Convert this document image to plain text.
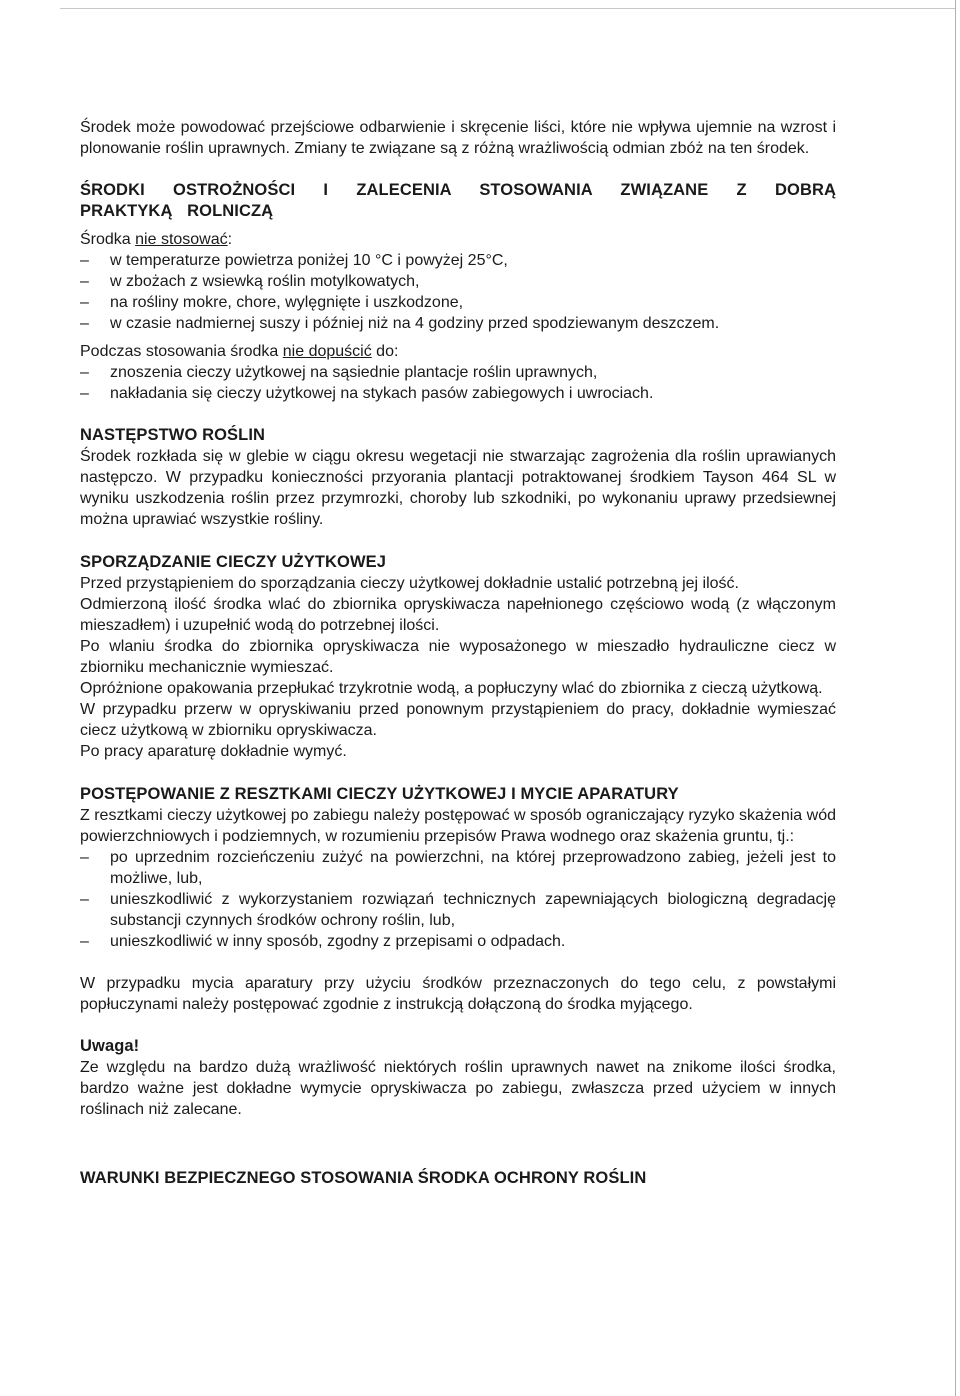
Środek może powodować przejściowe odbarwienie i skręcenie liści, które nie wpływa ujemnie na wzrost i plonowanie roślin uprawnych. Zmiany te związane są z różną wrażliwością odmian zbóż na ten środek.

ŚRODKI OSTROŻNOŚCI I ZALECENIA STOSOWANIA ZWIĄZANE Z DOBRĄ PRAKTYKĄ ROLNICZĄ

Środka nie stosować:

– w temperaturze powietrza poniżej 10 °C i powyżej 25°C,
– w zbożach z wsiewką roślin motylkowatych,
– na rośliny mokre, chore, wylęgnięte i uszkodzone,
– w czasie nadmiernej suszy i później niż na 4 godziny przed spodziewanym deszczem.

Podczas stosowania środka nie dopuścić do:

– znoszenia cieczy użytkowej na sąsiednie plantacje roślin uprawnych,
– nakładania się cieczy użytkowej na stykach pasów zabiegowych i uwrociach.
NASTĘPSTWO ROŚLIN

Środek rozkłada się w glebie w ciągu okresu wegetacji nie stwarzając zagrożenia dla roślin uprawianych następczo. W przypadku konieczności przyorania plantacji potraktowanej środkiem Tayson 464 SL w wyniku uszkodzenia roślin przez przymrozki, choroby lub szkodniki, po wykonaniu uprawy przedsiewnej można uprawiać wszystkie rośliny.

SPORZĄDZANIE CIECZY UŻYTKOWEJ

Przed przystąpieniem do sporządzania cieczy użytkowej dokładnie ustalić potrzebną jej ilość.

Odmierzoną ilość środka wlać do zbiornika opryskiwacza napełnionego częściowo wodą (z włączonym mieszadłem) i uzupełnić wodą do potrzebnej ilości.

Po wlaniu środka do zbiornika opryskiwacza nie wyposażonego w mieszadło hydrauliczne ciecz w zbiorniku mechanicznie wymieszać.

Opróżnione opakowania przepłukać trzykrotnie wodą, a popłuczyny wlać do zbiornika z cieczą użytkową.

W przypadku przerw w opryskiwaniu przed ponownym przystąpieniem do pracy, dokładnie wymieszać ciecz użytkową w zbiorniku opryskiwacza.

Po pracy aparaturę dokładnie wymyć.

POSTĘPOWANIE Z RESZTKAMI CIECZY UŻYTKOWEJ I MYCIE APARATURY

Z resztkami cieczy użytkowej po zabiegu należy postępować w sposób ograniczający ryzyko skażenia wód powierzchniowych i podziemnych, w rozumieniu przepisów Prawa wodnego oraz skażenia gruntu, tj.:

– po uprzednim rozcieńczeniu zużyć na powierzchni, na której przeprowadzono zabieg, jeżeli jest to możliwe, lub,
– unieszkodliwić z wykorzystaniem rozwiązań technicznych zapewniających biologiczną degradację substancji czynnych środków ochrony roślin, lub,
– unieszkodliwić w inny sposób, zgodny z przepisami o odpadach.

W przypadku mycia aparatury przy użyciu środków przeznaczonych do tego celu, z powstałymi popłuczynami należy postępować zgodnie z instrukcją dołączoną do środka myjącego.

Uwaga!

Ze względu na bardzo dużą wrażliwość niektórych roślin uprawnych nawet na znikome ilości środka, bardzo ważne jest dokładne wymycie opryskiwacza po zabiegu, zwłaszcza przed użyciem w innych roślinach niż zalecane.

WARUNKI BEZPIECZNEGO STOSOWANIA ŚRODKA OCHRONY ROŚLIN
